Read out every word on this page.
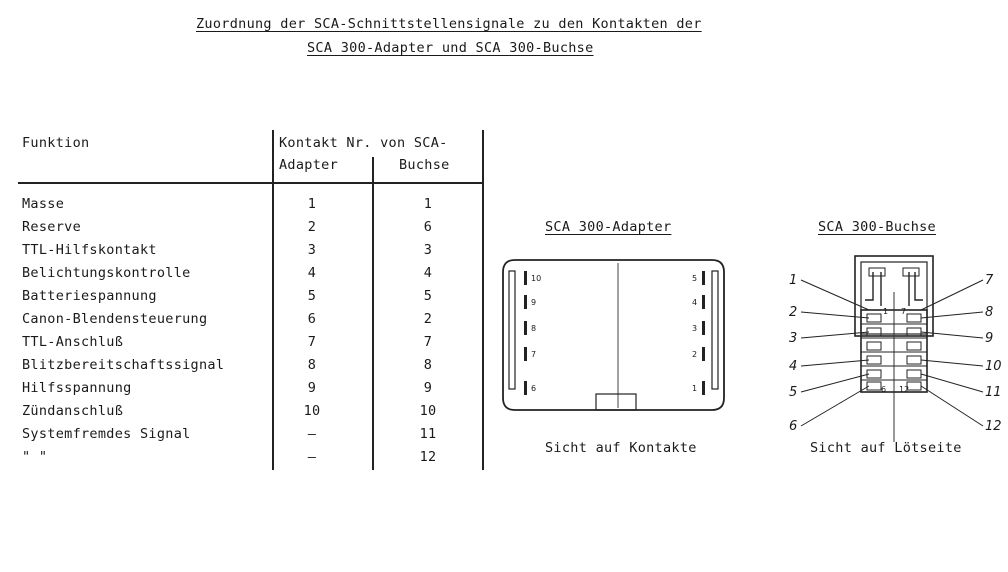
Zuordnung der SCA-Schnittstellensignale zu den Kontakten der
SCA 300-Adapter und SCA 300-Buchse
Funktion	Kontakt Nr. von SCA-
Adapter	Buchse
Masse	1	1
Reserve	2	6
TTL-Hilfskontakt	3	3
Belichtungskontrolle	4	4
Batteriespannung	5	5
Canon-Blendensteuerung	6	2
TTL-Anschluß	7	7
Blitzbereitschaftssignal	8	8
Hilfsspannung	9	9
Zündanschluß	10	10
Systemfremdes Signal	–	11
" "	–	12
SCA 300-Adapter
10
9
8
7
6
5
4
3
2
1
Sicht auf Kontakte
SCA 300-Buchse
1 7
6 12
1
2
3
4
5
6
7
8
9
10
11
12
Sicht auf Lötseite
